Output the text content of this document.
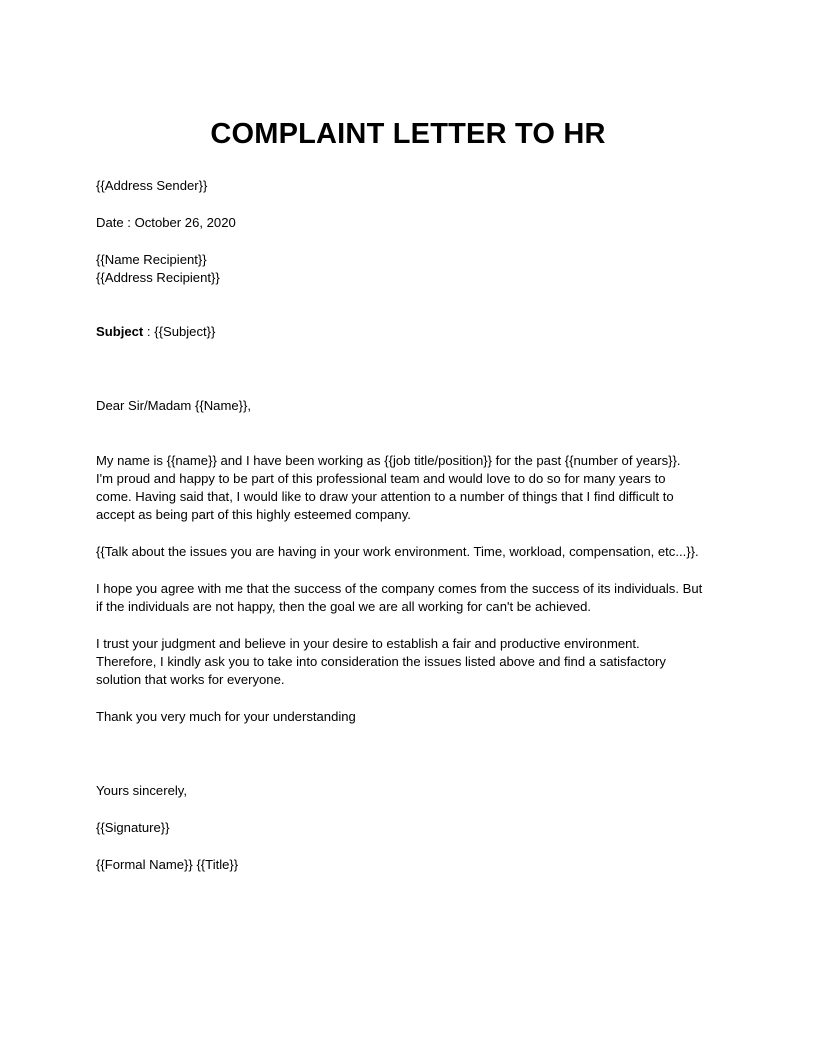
COMPLAINT LETTER TO HR

{{Address Sender}}

Date : October 26, 2020

{{Name Recipient}}

{{Address Recipient}}

Subject : {{Subject}}

Dear Sir/Madam {{Name}},

My name is {{name}} and I have been working as {{job title/position}} for the past {{number of years}}.
I'm proud and happy to be part of this professional team and would love to do so for many years to
come. Having said that, I would like to draw your attention to a number of things that I find difficult to
accept as being part of this highly esteemed company.

{{Talk about the issues you are having in your work environment. Time, workload, compensation, etc...}}.

I hope you agree with me that the success of the company comes from the success of its individuals. But
if the individuals are not happy, then the goal we are all working for can't be achieved.

I trust your judgment and believe in your desire to establish a fair and productive environment.
Therefore, I kindly ask you to take into consideration the issues listed above and find a satisfactory
solution that works for everyone.

Thank you very much for your understanding

Yours sincerely,

{{Signature}}

{{Formal Name}} {{Title}}
